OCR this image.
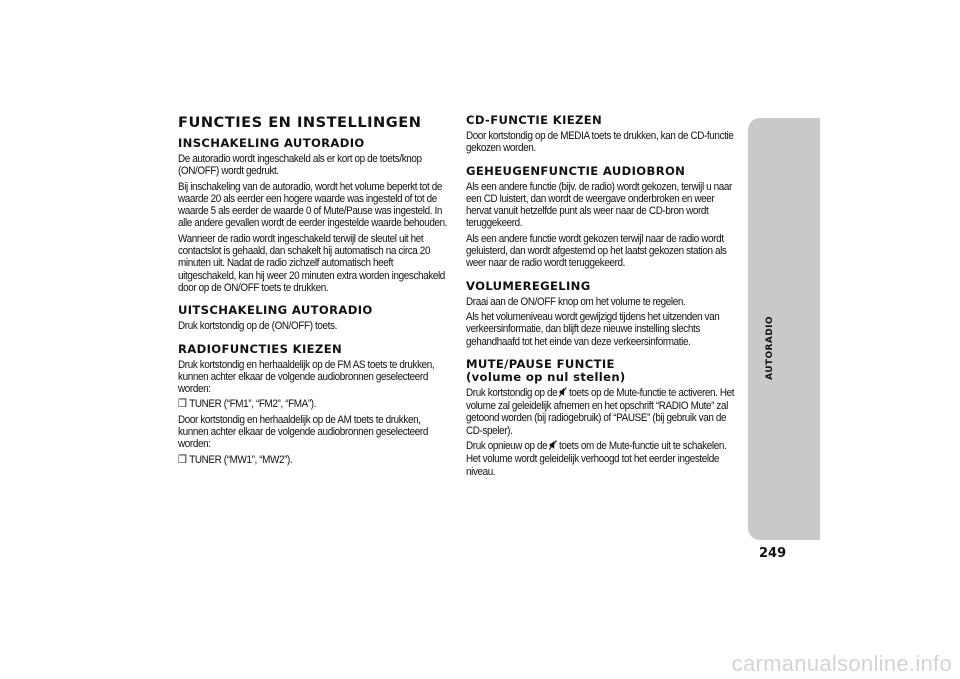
FUNCTIES EN INSTELLINGEN
INSCHAKELING AUTORADIO

De autoradio wordt ingeschakeld als er kort op de toets/knop (ON/OFF) wordt gedrukt.

Bij inschakeling van de autoradio, wordt het volume beperkt tot de waarde 20 als eerder een hogere waarde was ingesteld of tot de waarde 5 als eerder de waarde 0 of Mute/Pause was ingesteld. In alle andere gevallen wordt de eerder ingestelde waarde behouden.

Wanneer de radio wordt ingeschakeld terwijl de sleutel uit het contactslot is gehaald, dan schakelt hij automatisch na circa 20 minuten uit. Nadat de radio zichzelf automatisch heeft uitgeschakeld, kan hij weer 20 minuten extra worden ingeschakeld door op de ON/OFF toets te drukken.

UITSCHAKELING AUTORADIO

Druk kortstondig op de (ON/OFF) toets.

RADIOFUNCTIES KIEZEN

Druk kortstondig en herhaaldelijk op de FM AS toets te drukken, kunnen achter elkaar de volgende audiobronnen geselecteerd worden:

❒ TUNER (“FM1”, “FM2”, “FMA”).

Door kortstondig en herhaaldelijk op de AM toets te drukken, kunnen achter elkaar de volgende audiobronnen geselecteerd worden:

❒ TUNER (“MW1”, “MW2”).

CD-FUNCTIE KIEZEN

Door kortstondig op de MEDIA toets te drukken, kan de CD-functie gekozen worden.

GEHEUGENFUNCTIE AUDIOBRON

Als een andere functie (bijv. de radio) wordt gekozen, terwijl u naar een CD luistert, dan wordt de weergave onderbroken en weer hervat vanuit hetzelfde punt als weer naar de CD-bron wordt teruggekeerd.

Als een andere functie wordt gekozen terwijl naar de radio wordt geluisterd, dan wordt afgestemd op het laatst gekozen station als weer naar de radio wordt teruggekeerd.

VOLUMEREGELING

Draai aan de ON/OFF knop om het volume te regelen.

Als het volumeniveau wordt gewijzigd tijdens het uitzenden van verkeersinformatie, dan blijft deze nieuwe instelling slechts gehandhaafd tot het einde van deze verkeersinformatie.

MUTE/PAUSE FUNCTIE
(volume op nul stellen)

Druk kortstondig op de toets op de Mute-functie te activeren. Het volume zal geleidelijk afnemen en het opschrift “RADIO Mute” zal getoond worden (bij radiogebruik) of “PAUSE” (bij gebruik van de CD-speler).

Druk opnieuw op de toets om de Mute-functie uit te schakelen. Het volume wordt geleidelijk verhoogd tot het eerder ingestelde niveau.

AUTORADIO
249
carmanualsonline.info
